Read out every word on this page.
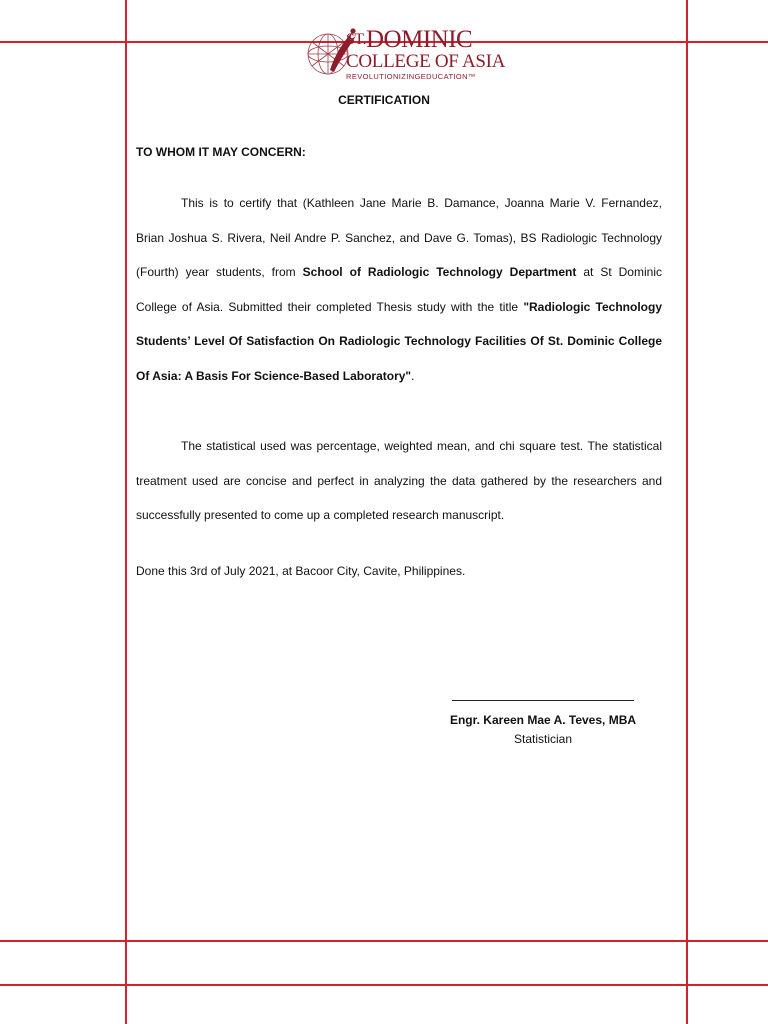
$^{ST.}$DOMINIC
COLLEGE OF ASIA
REVOLUTIONIZINGEDUCATION™
CERTIFICATION
TO WHOM IT MAY CONCERN:

This is to certify that (Kathleen Jane Marie B. Damance, Joanna Marie V. Fernandez, Brian Joshua S. Rivera, Neil Andre P. Sanchez, and Dave G. Tomas), BS Radiologic Technology (Fourth) year students, from School of Radiologic Technology Department at St Dominic College of Asia. Submitted their completed Thesis study with the title "Radiologic Technology Students’ Level Of Satisfaction On Radiologic Technology Facilities Of St. Dominic College Of Asia: A Basis For Science-Based Laboratory".

The statistical used was percentage, weighted mean, and chi square test. The statistical treatment used are concise and perfect in analyzing the data gathered by the researchers and successfully presented to come up a completed research manuscript.

Done this 3rd of July 2021, at Bacoor City, Cavite, Philippines.
Engr. Kareen Mae A. Teves, MBA
Statistician
